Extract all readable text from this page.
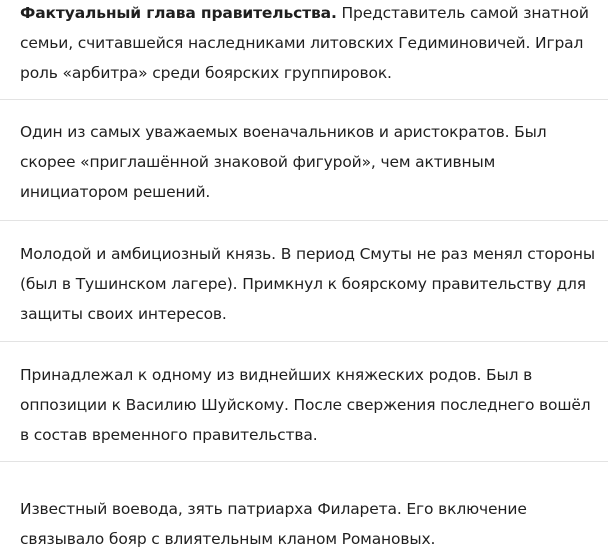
Фактуальный глава правительства. Представитель самой знатной семьи, считавшейся наследниками литовских Гедиминовичей. Играл роль «арбитра» среди боярских группировок.

Один из самых уважаемых военачальников и аристократов. Был скорее «приглашённой знаковой фигурой», чем активным инициатором решений.

Молодой и амбициозный князь. В период Смуты не раз менял стороны (был в Тушинском лагере). Примкнул к боярскому правительству для защиты своих интересов.

Принадлежал к одному из виднейших княжеских родов. Был в оппозиции к Василию Шуйскому. После свержения последнего вошёл в состав временного правительства.

Известный воевода, зять патриарха Филарета. Его включение связывало бояр с влиятельным кланом Романовых.
